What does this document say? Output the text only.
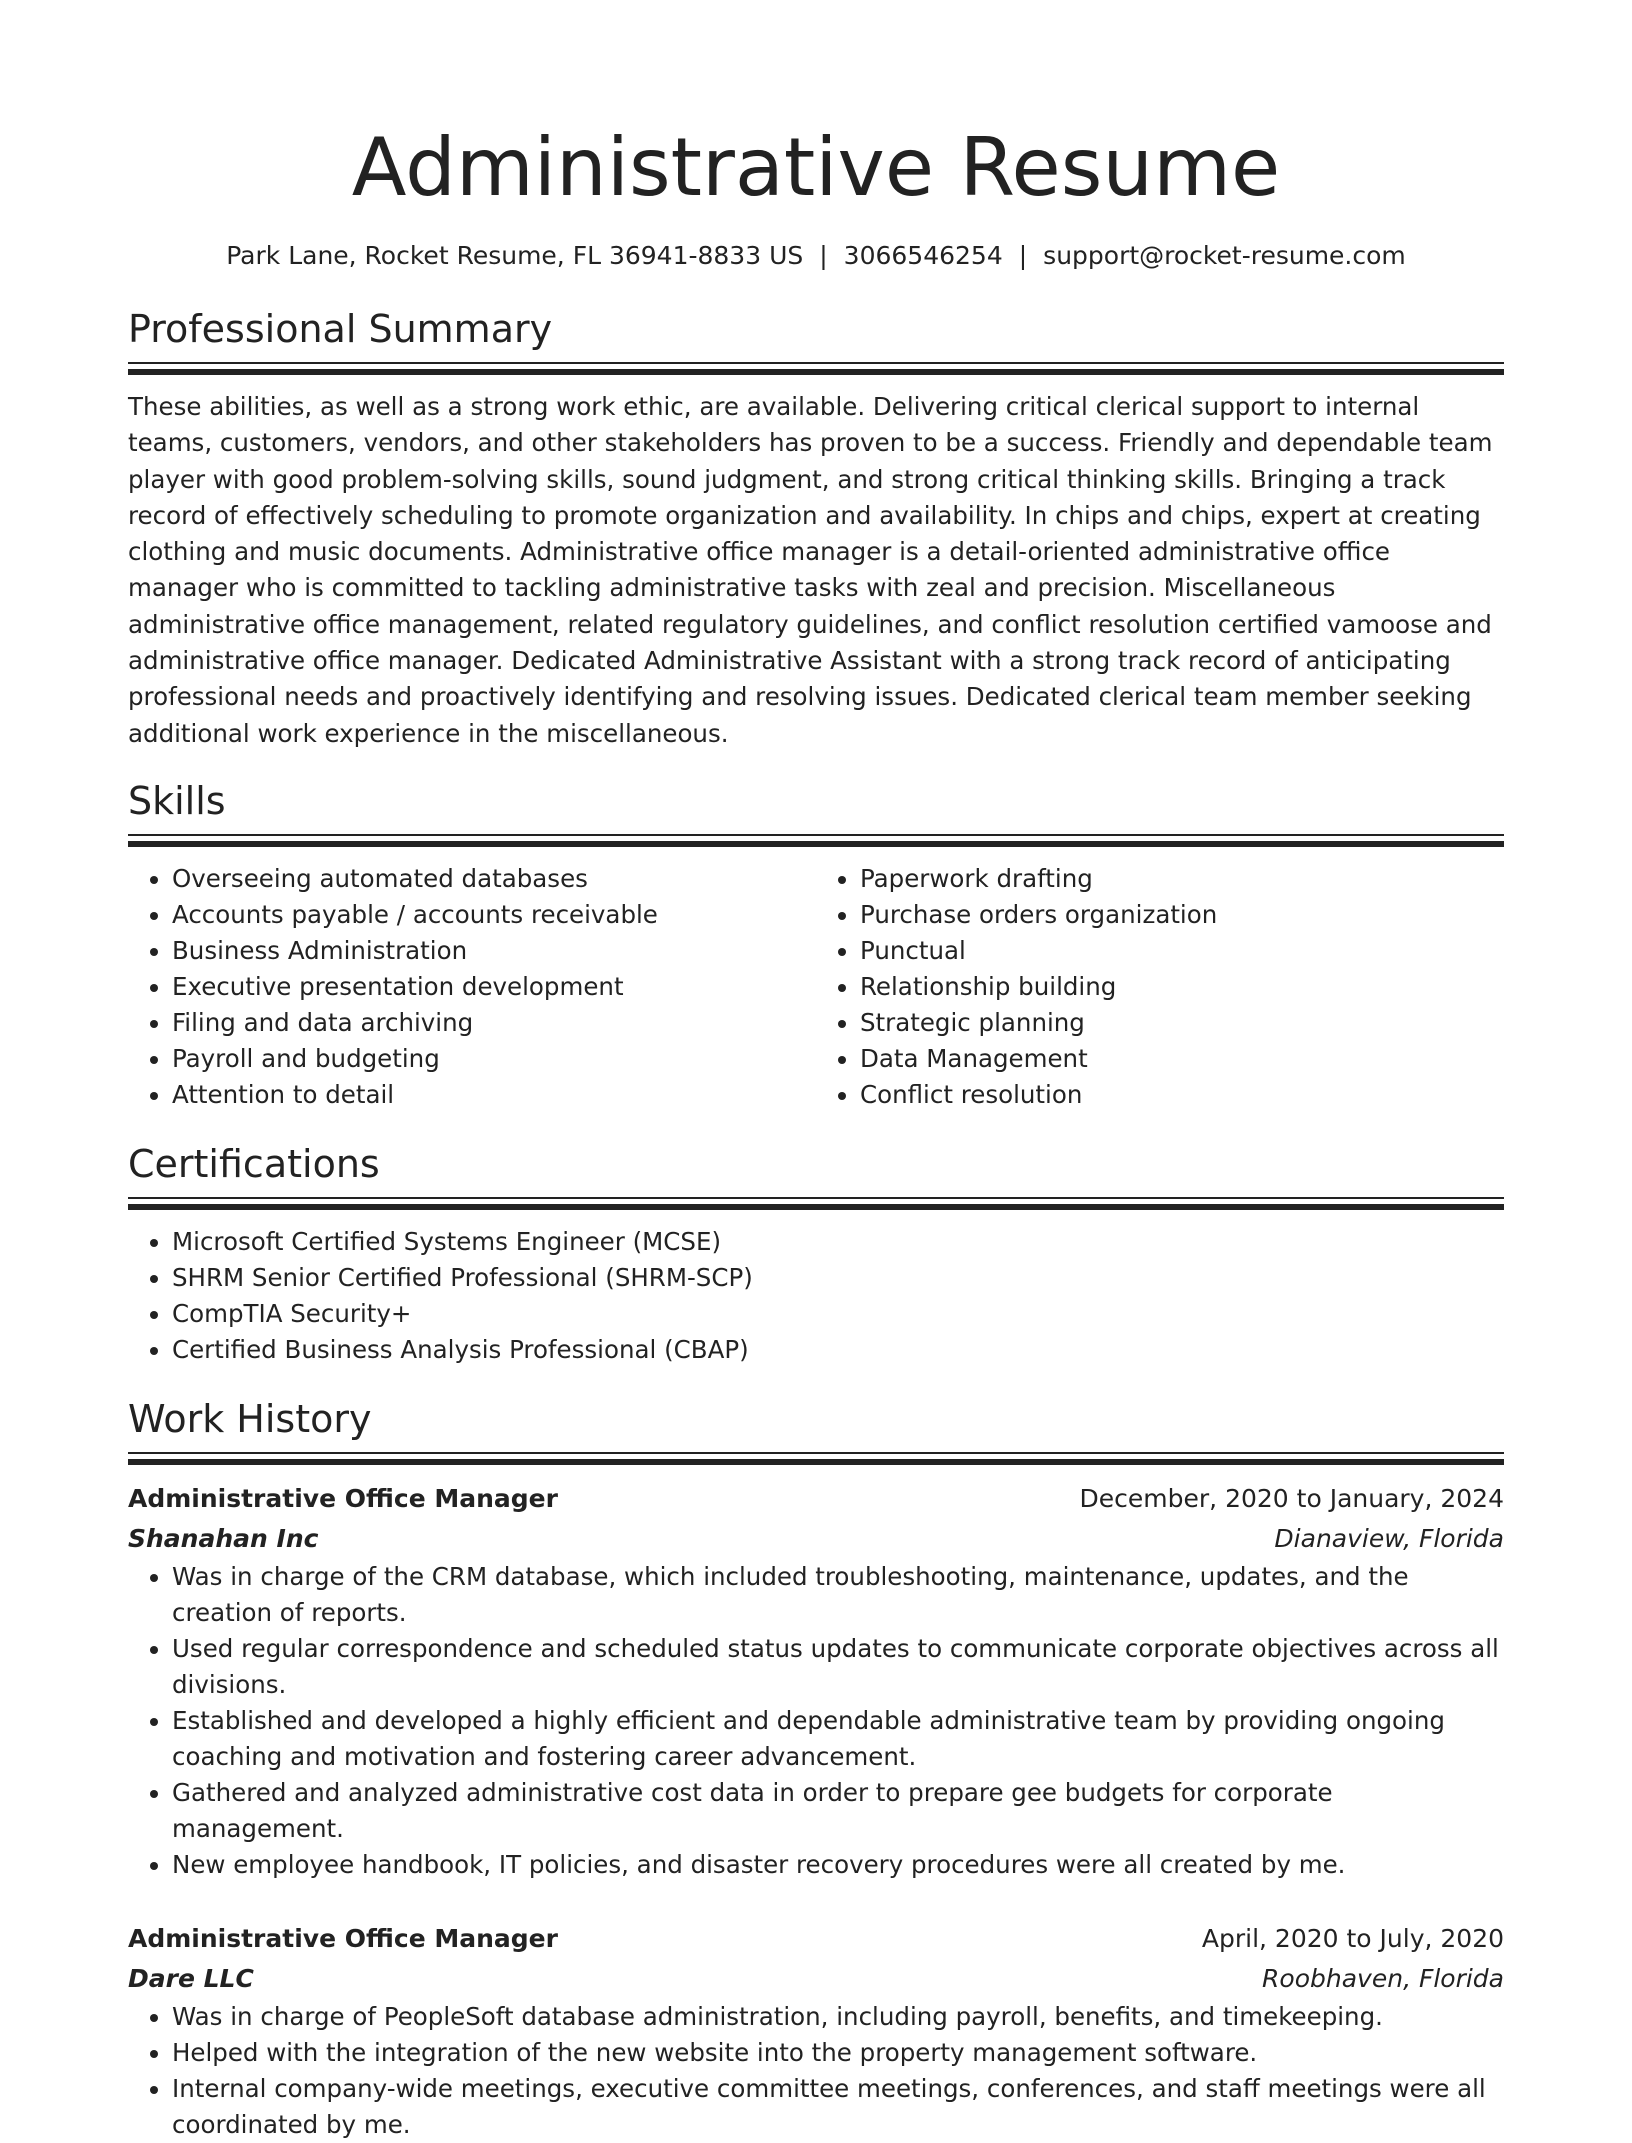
Administrative Resume
Park Lane, Rocket Resume, FL 36941-8833 US | 3066546254 | support@rocket-resume.com
Professional Summary

These abilities, as well as a strong work ethic, are available. Delivering critical clerical support to internal teams, customers, vendors, and other stakeholders has proven to be a success. Friendly and dependable team player with good problem-solving skills, sound judgment, and strong critical thinking skills. Bringing a track record of effectively scheduling to promote organization and availability. In chips and chips, expert at creating clothing and music documents. Administrative office manager is a detail-oriented administrative office manager who is committed to tackling administrative tasks with zeal and precision. Miscellaneous administrative office management, related regulatory guidelines, and conflict resolution certified vamoose and administrative office manager. Dedicated Administrative Assistant with a strong track record of anticipating professional needs and proactively identifying and resolving issues. Dedicated clerical team member seeking additional work experience in the miscellaneous.

Skills
• Overseeing automated databases
• Accounts payable / accounts receivable
• Business Administration
• Executive presentation development
• Filing and data archiving
• Payroll and budgeting
• Attention to detail
• Paperwork drafting
• Purchase orders organization
• Punctual
• Relationship building
• Strategic planning
• Data Management
• Conflict resolution
Certifications
• Microsoft Certified Systems Engineer (MCSE)
• SHRM Senior Certified Professional (SHRM-SCP)
• CompTIA Security+
• Certified Business Analysis Professional (CBAP)
Work History
Administrative Office Manager	December, 2020 to January, 2024
Shanahan Inc	Dianaview, Florida
• Was in charge of the CRM database, which included troubleshooting, maintenance, updates, and the creation of reports.
• Used regular correspondence and scheduled status updates to communicate corporate objectives across all divisions.
• Established and developed a highly efficient and dependable administrative team by providing ongoing coaching and motivation and fostering career advancement.
• Gathered and analyzed administrative cost data in order to prepare gee budgets for corporate management.
• New employee handbook, IT policies, and disaster recovery procedures were all created by me.
Administrative Office Manager	April, 2020 to July, 2020
Dare LLC	Roobhaven, Florida
• Was in charge of PeopleSoft database administration, including payroll, benefits, and timekeeping.
• Helped with the integration of the new website into the property management software.
• Internal company-wide meetings, executive committee meetings, conferences, and staff meetings were all coordinated by me.
